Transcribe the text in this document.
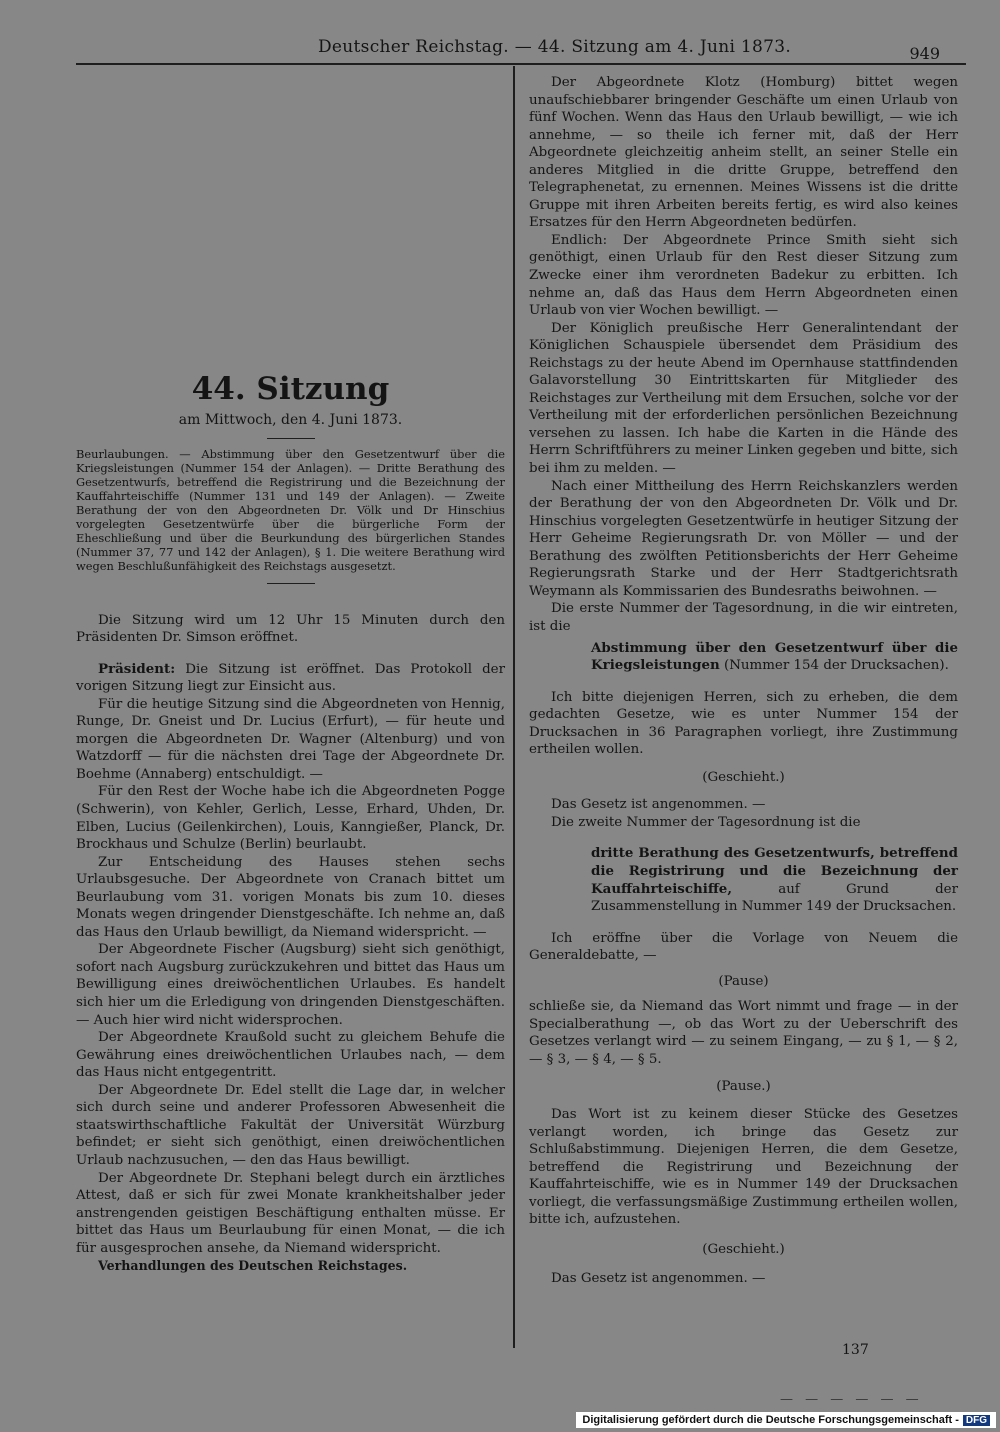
Deutscher Reichstag. — 44. Sitzung am 4. Juni 1873.	949

44. Sitzung

am Mittwoch, den 4. Juni 1873.

Beurlaubungen. — Abstimmung über den Gesetzentwurf über die Kriegsleistungen (Nummer 154 der Anlagen). — Dritte Berathung des Gesetzentwurfs, betreffend die Registrirung und die Bezeichnung der Kauffahrteischiffe (Nummer 131 und 149 der Anlagen). — Zweite Berathung der von den Abgeordneten Dr. Völk und Dr Hinschius vorgelegten Gesetzentwürfe über die bürgerliche Form der Eheschließung und über die Beurkundung des bürgerlichen Standes (Nummer 37, 77 und 142 der Anlagen), § 1. Die weitere Berathung wird wegen Beschlußunfähigkeit des Reichstags ausgesetzt.

Die Sitzung wird um 12 Uhr 15 Minuten durch den Präsidenten Dr. Simson eröffnet.

Präsident: Die Sitzung ist eröffnet. Das Protokoll der vorigen Sitzung liegt zur Einsicht aus.

Für die heutige Sitzung sind die Abgeordneten von Hennig, Runge, Dr. Gneist und Dr. Lucius (Erfurt), — für heute und morgen die Abgeordneten Dr. Wagner (Altenburg) und von Watzdorff — für die nächsten drei Tage der Abgeordnete Dr. Boehme (Annaberg) entschuldigt. —

Für den Rest der Woche habe ich die Abgeordneten Pogge (Schwerin), von Kehler, Gerlich, Lesse, Erhard, Uhden, Dr. Elben, Lucius (Geilenkirchen), Louis, Kanngießer, Planck, Dr. Brockhaus und Schulze (Berlin) beurlaubt.

Zur Entscheidung des Hauses stehen sechs Urlaubsgesuche. Der Abgeordnete von Cranach bittet um Beurlaubung vom 31. vorigen Monats bis zum 10. dieses Monats wegen dringender Dienstgeschäfte. Ich nehme an, daß das Haus den Urlaub bewilligt, da Niemand widerspricht. —

Der Abgeordnete Fischer (Augsburg) sieht sich genöthigt, sofort nach Augsburg zurückzukehren und bittet das Haus um Bewilligung eines dreiwöchentlichen Urlaubes. Es handelt sich hier um die Erledigung von dringenden Dienstgeschäften. — Auch hier wird nicht widersprochen.

Der Abgeordnete Kraußold sucht zu gleichem Behufe die Gewährung eines dreiwöchentlichen Urlaubes nach, — dem das Haus nicht entgegentritt.

Der Abgeordnete Dr. Edel stellt die Lage dar, in welcher sich durch seine und anderer Professoren Abwesenheit die staatswirthschaftliche Fakultät der Universität Würzburg befindet; er sieht sich genöthigt, einen dreiwöchentlichen Urlaub nachzusuchen, — den das Haus bewilligt.

Der Abgeordnete Dr. Stephani belegt durch ein ärztliches Attest, daß er sich für zwei Monate krankheitshalber jeder anstrengenden geistigen Beschäftigung enthalten müsse. Er bittet das Haus um Beurlaubung für einen Monat, — die ich für ausgesprochen ansehe, da Niemand widerspricht.

Verhandlungen des Deutschen Reichstages.

Der Abgeordnete Klotz (Homburg) bittet wegen unaufschiebbarer bringender Geschäfte um einen Urlaub von fünf Wochen. Wenn das Haus den Urlaub bewilligt, — wie ich annehme, — so theile ich ferner mit, daß der Herr Abgeordnete gleichzeitig anheim stellt, an seiner Stelle ein anderes Mitglied in die dritte Gruppe, betreffend den Telegraphenetat, zu ernennen. Meines Wissens ist die dritte Gruppe mit ihren Arbeiten bereits fertig, es wird also keines Ersatzes für den Herrn Abgeordneten bedürfen.

Endlich: Der Abgeordnete Prince Smith sieht sich genöthigt, einen Urlaub für den Rest dieser Sitzung zum Zwecke einer ihm verordneten Badekur zu erbitten. Ich nehme an, daß das Haus dem Herrn Abgeordneten einen Urlaub von vier Wochen bewilligt. —

Der Königlich preußische Herr Generalintendant der Königlichen Schauspiele übersendet dem Präsidium des Reichstags zu der heute Abend im Opernhause stattfindenden Galavorstellung 30 Eintrittskarten für Mitglieder des Reichstages zur Vertheilung mit dem Ersuchen, solche vor der Vertheilung mit der erforderlichen persönlichen Bezeichnung versehen zu lassen. Ich habe die Karten in die Hände des Herrn Schriftführers zu meiner Linken gegeben und bitte, sich bei ihm zu melden. —

Nach einer Mittheilung des Herrn Reichskanzlers werden der Berathung der von den Abgeordneten Dr. Völk und Dr. Hinschius vorgelegten Gesetzentwürfe in heutiger Sitzung der Herr Geheime Regierungsrath Dr. von Möller — und der Berathung des zwölften Petitionsberichts der Herr Geheime Regierungsrath Starke und der Herr Stadtgerichtsrath Weymann als Kommissarien des Bundesraths beiwohnen. —

Die erste Nummer der Tagesordnung, in die wir eintreten, ist die

Abstimmung über den Gesetzentwurf über die Kriegsleistungen (Nummer 154 der Drucksachen).

Ich bitte diejenigen Herren, sich zu erheben, die dem gedachten Gesetze, wie es unter Nummer 154 der Drucksachen in 36 Paragraphen vorliegt, ihre Zustimmung ertheilen wollen.

(Geschieht.)

Das Gesetz ist angenommen. —

Die zweite Nummer der Tagesordnung ist die

dritte Berathung des Gesetzentwurfs, betreffend die Registrirung und die Bezeichnung der Kauffahrteischiffe, auf Grund der Zusammenstellung in Nummer 149 der Drucksachen.

Ich eröffne über die Vorlage von Neuem die Generaldebatte, —

(Pause)

schließe sie, da Niemand das Wort nimmt und frage — in der Specialberathung —, ob das Wort zu der Ueberschrift des Gesetzes verlangt wird — zu seinem Eingang, — zu § 1, — § 2, — § 3, — § 4, — § 5.

(Pause.)

Das Wort ist zu keinem dieser Stücke des Gesetzes verlangt worden, ich bringe das Gesetz zur Schlußabstimmung. Diejenigen Herren, die dem Gesetze, betreffend die Registrirung und Bezeichnung der Kauffahrteischiffe, wie es in Nummer 149 der Drucksachen vorliegt, die verfassungsmäßige Zustimmung ertheilen wollen, bitte ich, aufzustehen.

(Geschieht.)

Das Gesetz ist angenommen. —

137
— — — — — —
Digitalisierung gefördert durch die Deutsche Forschungsgemeinschaft - DFG
